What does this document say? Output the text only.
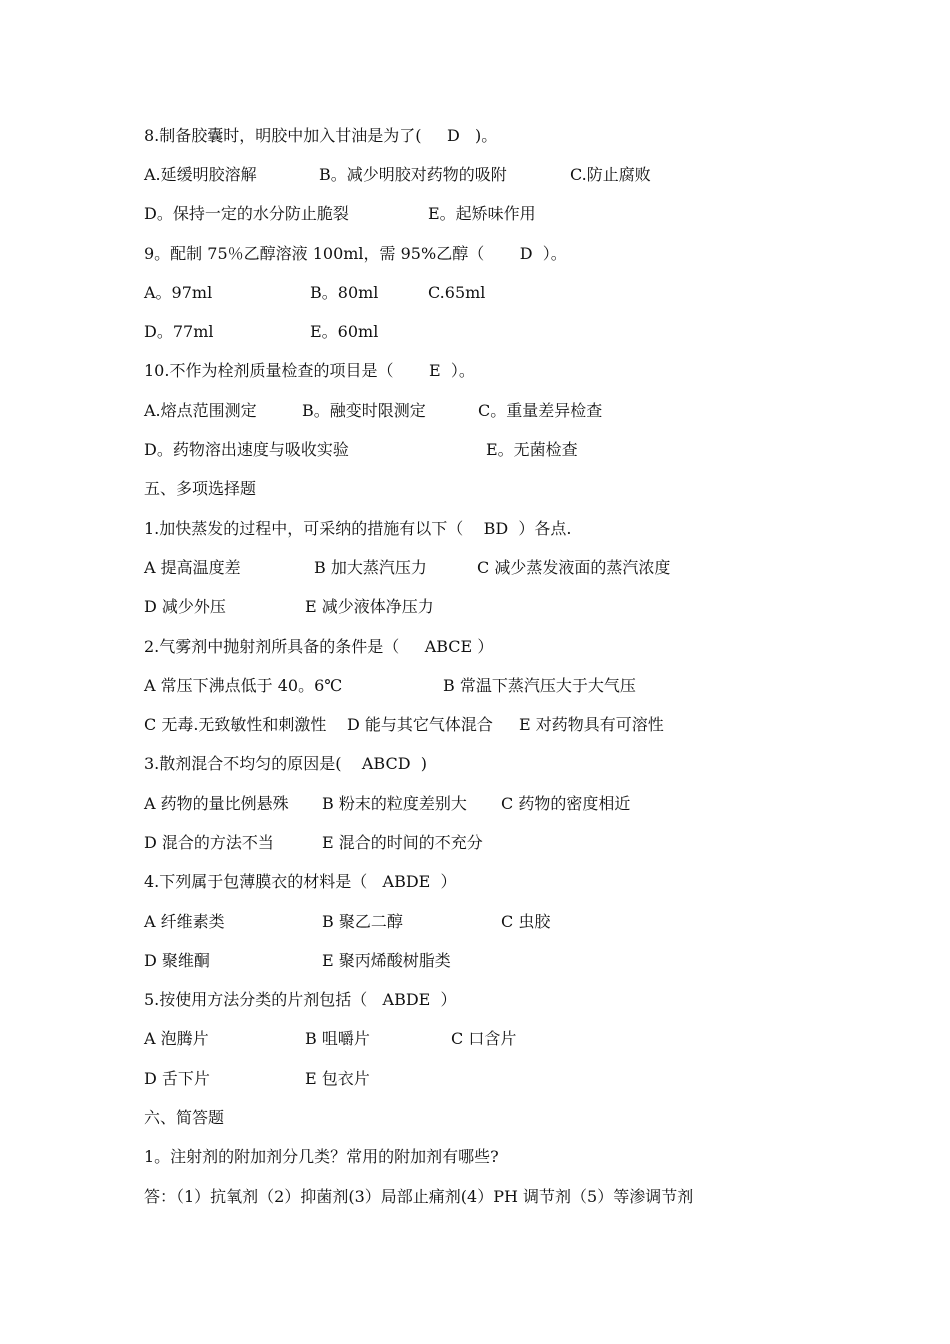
8.制备胶囊时，明胶中加入甘油是为了(     D   )。

A.延缓明胶溶解

	B。减少明胶对药物的吸附

	C.防止腐败

D。保持一定的水分防止脆裂

	E。起矫味作用

9。配制 75％乙醇溶液 100ml，需 95%乙醇（       D  ）。

A。97ml

	B。80ml

	C.65ml

D。77ml

	E。60ml

10.不作为栓剂质量检查的项目是（       E  ）。

A.熔点范围测定

	B。融变时限测定

	C。重量差异检查

D。药物溶出速度与吸收实验

	E。无菌检查

五、多项选择题

1.加快蒸发的过程中，可采纳的措施有以下（    BD  ）各点.

A 提高温度差

	B 加大蒸汽压力

	C 减少蒸发液面的蒸汽浓度

D 减少外压

	E 减少液体净压力

2.气雾剂中抛射剂所具备的条件是（     ABCE ）

A 常压下沸点低于 40。6℃

	B 常温下蒸汽压大于大气压

C 无毒.无致敏性和刺激性

D 能与其它气体混合

E 对药物具有可溶性

3.散剂混合不均匀的原因是(    ABCD  )

A 药物的量比例悬殊

B 粉末的粒度差别大

C 药物的密度相近

D 混合的方法不当

	E 混合的时间的不充分

4.下列属于包薄膜衣的材料是（   ABDE  ）

A 纤维素类

	B 聚乙二醇

	C 虫胶

D 聚维酮

	E 聚丙烯酸树脂类

5.按使用方法分类的片剂包括（   ABDE  ）

A 泡腾片

	B 咀嚼片

	C 口含片

D 舌下片

	E 包衣片

六、简答题

1。注射剂的附加剂分几类？常用的附加剂有哪些?

答：（1）抗氧剂（2）抑菌剂(3）局部止痛剂(4）PH 调节剂（5）等渗调节剂
